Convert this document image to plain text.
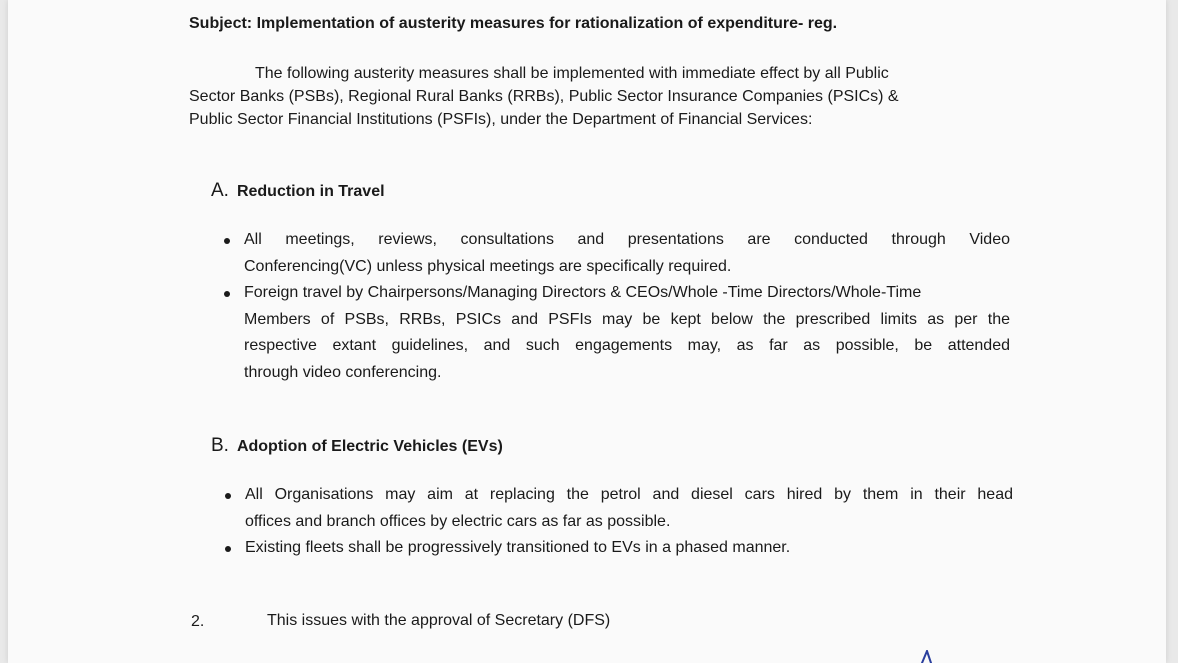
Subject: Implementation of austerity measures for rationalization of expenditure- reg.
The following austerity measures shall be implemented with immediate effect by all Public
Sector Banks (PSBs), Regional Rural Banks (RRBs), Public Sector Insurance Companies (PSICs) &
Public Sector Financial Institutions (PSFIs), under the Department of Financial Services:
A. Reduction in Travel
All meetings, reviews, consultations and presentations are conducted through Video
Conferencing(VC) unless physical meetings are specifically required.
Foreign travel by Chairpersons/Managing Directors & CEOs/Whole -Time Directors/Whole-Time
Members of PSBs, RRBs, PSICs and PSFIs may be kept below the prescribed limits as per the
respective extant guidelines, and such engagements may, as far as possible, be attended
through video conferencing.
B. Adoption of Electric Vehicles (EVs)
All Organisations may aim at replacing the petrol and diesel cars hired by them in their head
offices and branch offices by electric cars as far as possible.
Existing fleets shall be progressively transitioned to EVs in a phased manner.
2.	This issues with the approval of Secretary (DFS)
